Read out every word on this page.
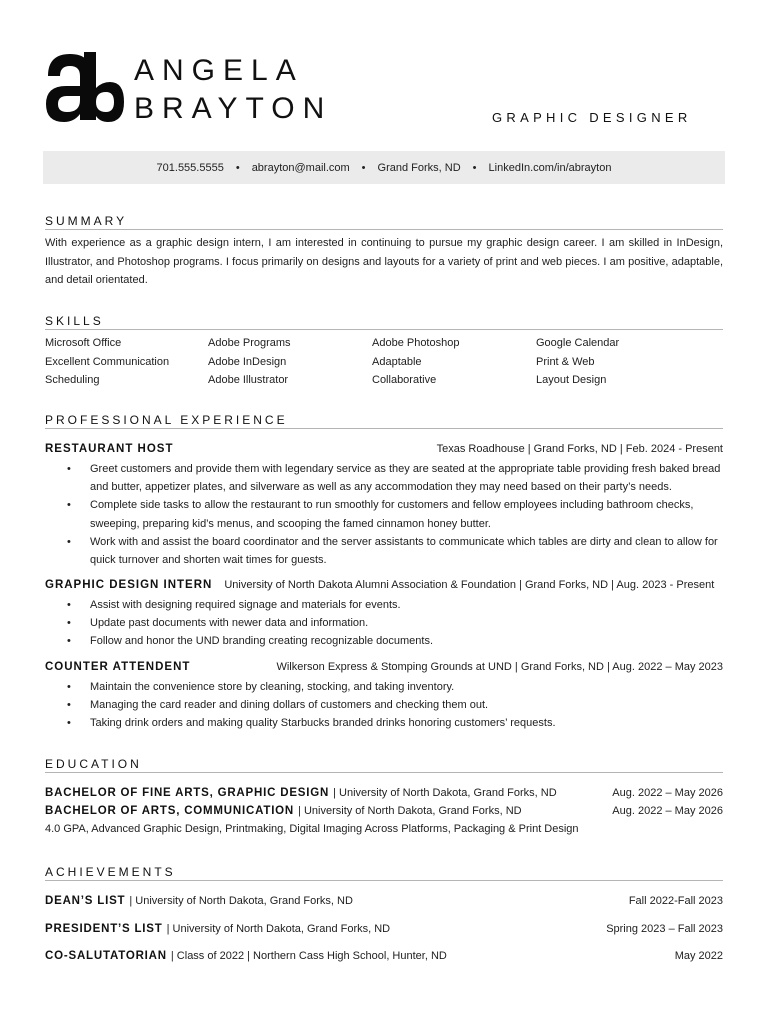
ANGELA
BRAYTON	GRAPHIC DESIGNER
701.555.5555 • abrayton@mail.com • Grand Forks, ND • LinkedIn.com/in/abrayton
SUMMARY
With experience as a graphic design intern, I am interested in continuing to pursue my graphic design career. I am skilled in InDesign, Illustrator, and Photoshop programs. I focus primarily on designs and layouts for a variety of print and web pieces. I am positive, adaptable, and detail orientated.
SKILLS
Microsoft Office	Adobe Programs	Adobe Photoshop	Google Calendar
Excellent Communication	Adobe InDesign	Adaptable	Print & Web
Scheduling	Adobe Illustrator	Collaborative	Layout Design
PROFESSIONAL EXPERIENCE
RESTAURANT HOST	Texas Roadhouse | Grand Forks, ND | Feb. 2024 - Present
• Greet customers and provide them with legendary service as they are seated at the appropriate table providing fresh baked bread and butter, appetizer plates, and silverware as well as any accommodation they may need based on their party’s needs.
• Complete side tasks to allow the restaurant to run smoothly for customers and fellow employees including bathroom checks, sweeping, preparing kid’s menus, and scooping the famed cinnamon honey butter.
• Work with and assist the board coordinator and the server assistants to communicate which tables are dirty and clean to allow for quick turnover and shorten wait times for guests.
GRAPHIC DESIGN INTERN University of North Dakota Alumni Association & Foundation | Grand Forks, ND | Aug. 2023 - Present
• Assist with designing required signage and materials for events.
• Update past documents with newer data and information.
• Follow and honor the UND branding creating recognizable documents.
COUNTER ATTENDENT	Wilkerson Express & Stomping Grounds at UND | Grand Forks, ND | Aug. 2022 – May 2023
• Maintain the convenience store by cleaning, stocking, and taking inventory.
• Managing the card reader and dining dollars of customers and checking them out.
• Taking drink orders and making quality Starbucks branded drinks honoring customers’ requests.
EDUCATION
BACHELOR OF FINE ARTS, GRAPHIC DESIGN | University of North Dakota, Grand Forks, ND	Aug. 2022 – May 2026
BACHELOR OF ARTS, COMMUNICATION | University of North Dakota, Grand Forks, ND	Aug. 2022 – May 2026
4.0 GPA, Advanced Graphic Design, Printmaking, Digital Imaging Across Platforms, Packaging & Print Design
ACHIEVEMENTS
DEAN’S LIST | University of North Dakota, Grand Forks, ND	Fall 2022-Fall 2023
PRESIDENT’S LIST | University of North Dakota, Grand Forks, ND	Spring 2023 – Fall 2023
CO-SALUTATORIAN | Class of 2022 | Northern Cass High School, Hunter, ND	May 2022
